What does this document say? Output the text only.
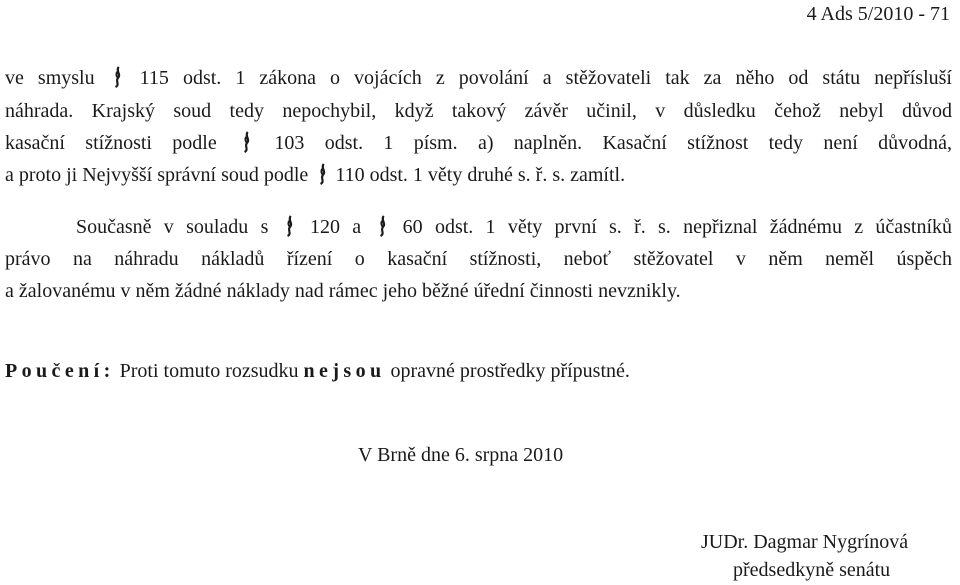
4 Ads 5/2010 - 71
ve smyslu 115 odst. 1 zákona o vojácích z povolání a stěžovateli tak za něho od státu nepřísluší
náhrada. Krajský soud tedy nepochybil, když takový závěr učinil, v důsledku čehož nebyl důvod
kasační stížnosti podle	103 odst. 1 písm. a) naplněn. Kasační stížnost tedy není důvodná,
a proto ji Nejvyšší správní soud podle 110 odst. 1 věty druhé s. ř. s. zamítl.
Současně v souladu s 120 a 60 odst. 1 věty první s. ř. s. nepřiznal žádnému z účastníků
právo na náhradu nákladů řízení o kasační stížnosti, neboť stěžovatel v něm neměl úspěch
a žalovanému v něm žádné náklady nad rámec jeho běžné úřední činnosti nevznikly.
Poučení: Proti tomuto rozsudku nejsou opravné prostředky přípustné.
V Brně dne 6. srpna 2010
JUDr. Dagmar Nygrínová
předsedkyně senátu
